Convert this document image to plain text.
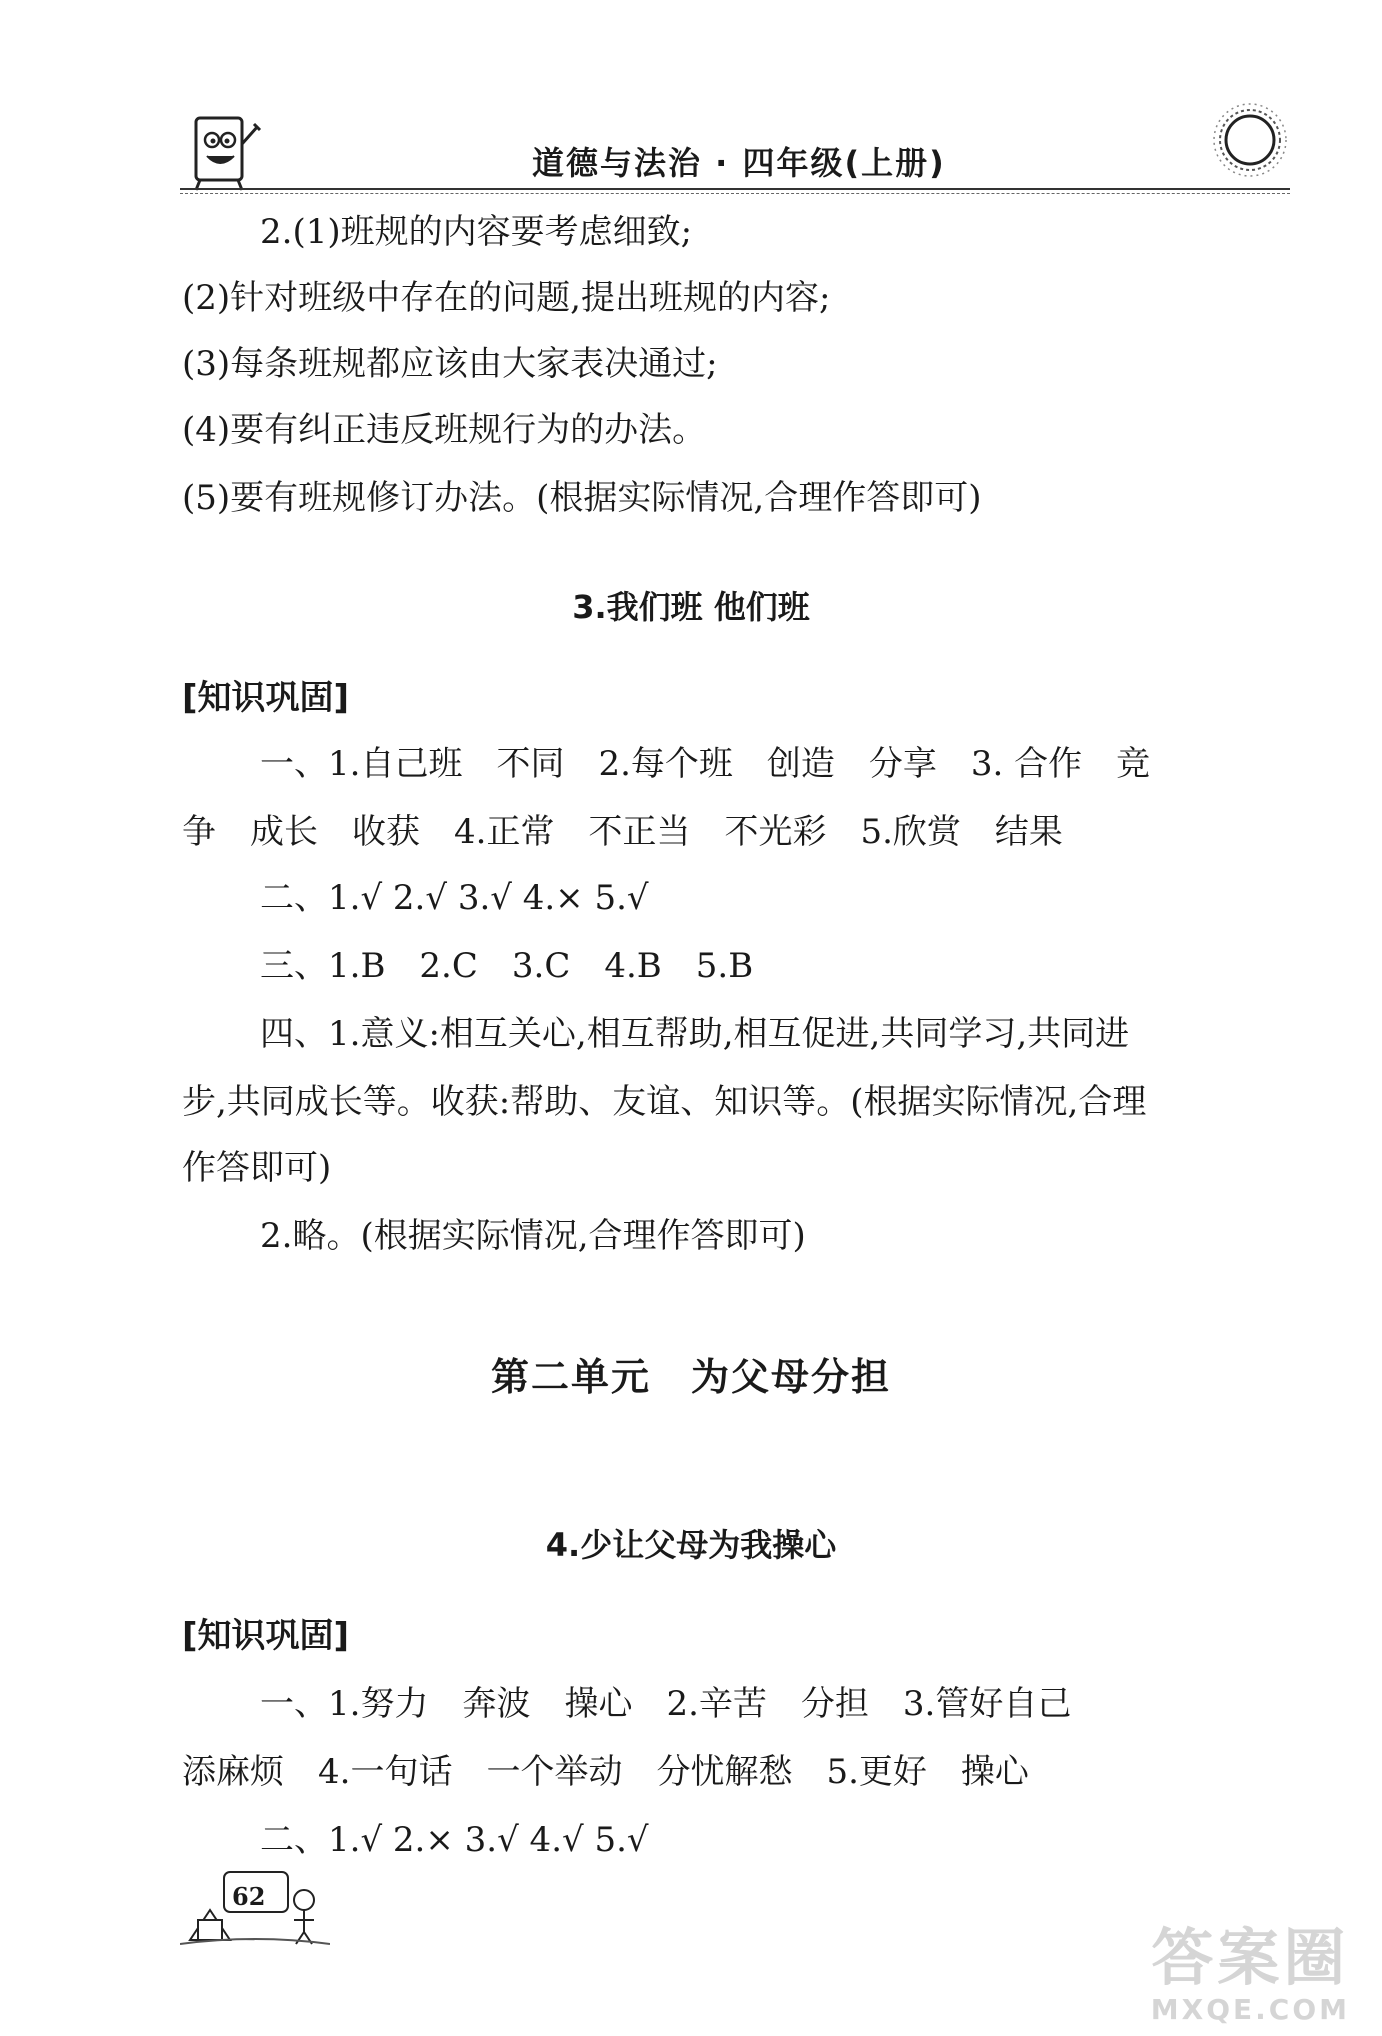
道德与法治 · 四年级(上册)
2.(1)班规的内容要考虑细致;
(2)针对班级中存在的问题,提出班规的内容;
(3)每条班规都应该由大家表决通过;
(4)要有纠正违反班规行为的办法。
(5)要有班规修订办法。(根据实际情况,合理作答即可)
3.我们班 他们班
[知识巩固]
一、1.自己班　不同　2.每个班　创造　分享　3. 合作　竞
争　成长　收获　4.正常　不正当　不光彩　5.欣赏　结果
二、1.√ 2.√ 3.√ 4.× 5.√
三、1.B　2.C　3.C　4.B　5.B
四、1.意义:相互关心,相互帮助,相互促进,共同学习,共同进
步,共同成长等。收获:帮助、友谊、知识等。(根据实际情况,合理
作答即可)
2.略。(根据实际情况,合理作答即可)
第二单元　为父母分担
4.少让父母为我操心
[知识巩固]
一、1.努力　奔波　操心　2.辛苦　分担　3.管好自己
添麻烦　4.一句话　一个举动　分忧解愁　5.更好　操心
二、1.√ 2.× 3.√ 4.√ 5.√
62
答案圈
MXQE.COM
